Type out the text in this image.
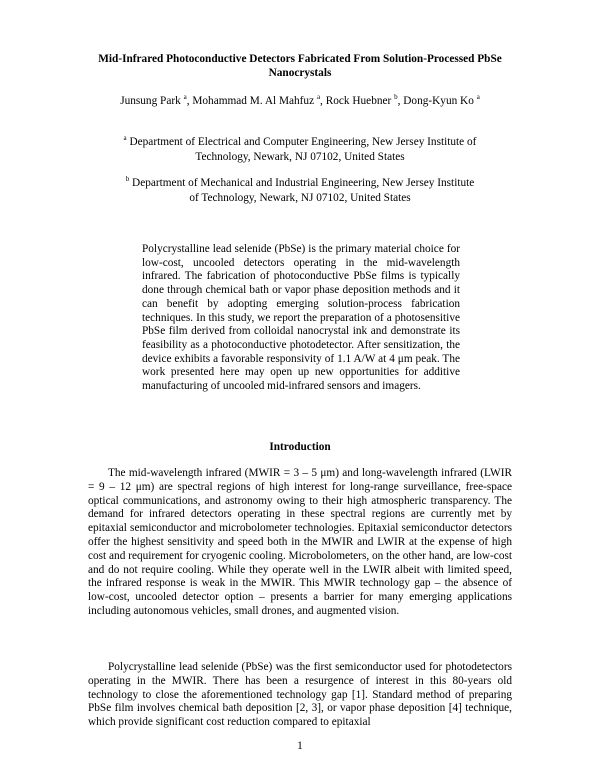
Mid-Infrared Photoconductive Detectors Fabricated From Solution-Processed PbSe Nanocrystals
Junsung Park $^a$, Mohammad M. Al Mahfuz $^a$, Rock Huebner $^b$, Dong-Kyun Ko $^a$
$^a$ Department of Electrical and Computer Engineering, New Jersey Institute of Technology, Newark, NJ 07102, United States
$^b$ Department of Mechanical and Industrial Engineering, New Jersey Institute of Technology, Newark, NJ 07102, United States
Polycrystalline lead selenide (PbSe) is the primary material choice for low-cost, uncooled detectors operating in the mid-wavelength infrared. The fabrication of photoconductive PbSe films is typically done through chemical bath or vapor phase deposition methods and it can benefit by adopting emerging solution-process fabrication techniques. In this study, we report the preparation of a photosensitive PbSe film derived from colloidal nanocrystal ink and demonstrate its feasibility as a photoconductive photodetector. After sensitization, the device exhibits a favorable responsivity of 1.1 A/W at 4 μm peak. The work presented here may open up new opportunities for additive manufacturing of uncooled mid-infrared sensors and imagers.
Introduction
The mid-wavelength infrared (MWIR = 3 – 5 μm) and long-wavelength infrared (LWIR = 9 – 12 μm) are spectral regions of high interest for long-range surveillance, free-space optical communications, and astronomy owing to their high atmospheric transparency. The demand for infrared detectors operating in these spectral regions are currently met by epitaxial semiconductor and microbolometer technologies. Epitaxial semiconductor detectors offer the highest sensitivity and speed both in the MWIR and LWIR at the expense of high cost and requirement for cryogenic cooling. Microbolometers, on the other hand, are low-cost and do not require cooling. While they operate well in the LWIR albeit with limited speed, the infrared response is weak in the MWIR. This MWIR technology gap – the absence of low-cost, uncooled detector option – presents a barrier for many emerging applications including autonomous vehicles, small drones, and augmented vision.
Polycrystalline lead selenide (PbSe) was the first semiconductor used for photodetectors operating in the MWIR. There has been a resurgence of interest in this 80-years old technology to close the aforementioned technology gap [1]. Standard method of preparing PbSe film involves chemical bath deposition [2, 3], or vapor phase deposition [4] technique, which provide significant cost reduction compared to epitaxial
1
